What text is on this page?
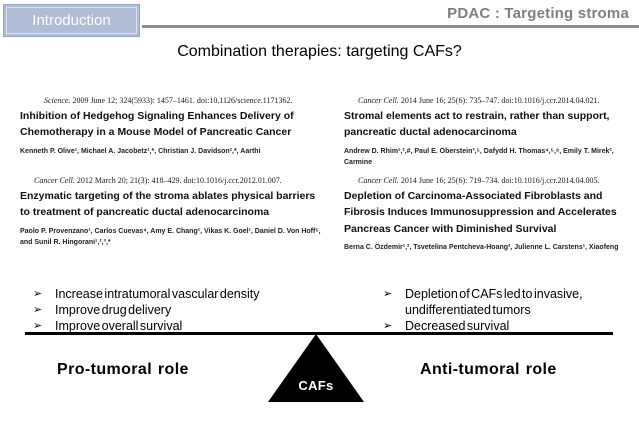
Introduction	PDAC : Targeting stroma
Combination therapies: targeting CAFs?
Science. 2009 June 12; 324(5933): 1457–1461. doi:10.1126/science.1171362.
Inhibition of Hedgehog Signaling Enhances Delivery of Chemotherapy in a Mouse Model of Pancreatic Cancer
Kenneth P. Olive¹, Michael A. Jacobetz¹,*, Christian J. Davidson²,*, Aarthi
Cancer Cell. 2014 June 16; 25(6): 735–747. doi:10.1016/j.ccr.2014.04.021.
Stromal elements act to restrain, rather than support, pancreatic ductal adenocarcinoma
Andrew D. Rhim¹,²,#, Paul E. Oberstein³,⁵, Dafydd H. Thomas⁴,⁵,⁸, Emily T. Mirek², Carmine
Cancer Cell. 2012 March 20; 21(3): 418–429. doi:10.1016/j.ccr.2012.01.007.
Enzymatic targeting of the stroma ablates physical barriers to treatment of pancreatic ductal adenocarcinoma
Paolo P. Provenzano¹, Carlos Cuevas⁴, Amy E. Chang¹, Vikas K. Goel¹, Daniel D. Von Hoff⁵, and Sunil R. Hingorani¹,²,³,*
Cancer Cell. 2014 June 16; 25(6): 719–734. doi:10.1016/j.ccr.2014.04.005.
Depletion of Carcinoma-Associated Fibroblasts and Fibrosis Induces Immunosuppression and Accelerates Pancreas Cancer with Diminished Survival
Berna C. Özdemir¹,², Tsvetelina Pentcheva-Hoang³, Julienne L. Carstens¹, Xiaofeng
➢	Increase intratumoral vascular density
➢	Improve drug delivery
➢	Improve overall survival
➢	Depletion of CAFs led to invasive, undifferentiated tumors
➢	Decreased survival
CAFs
Pro-tumoral role	Anti-tumoral role
